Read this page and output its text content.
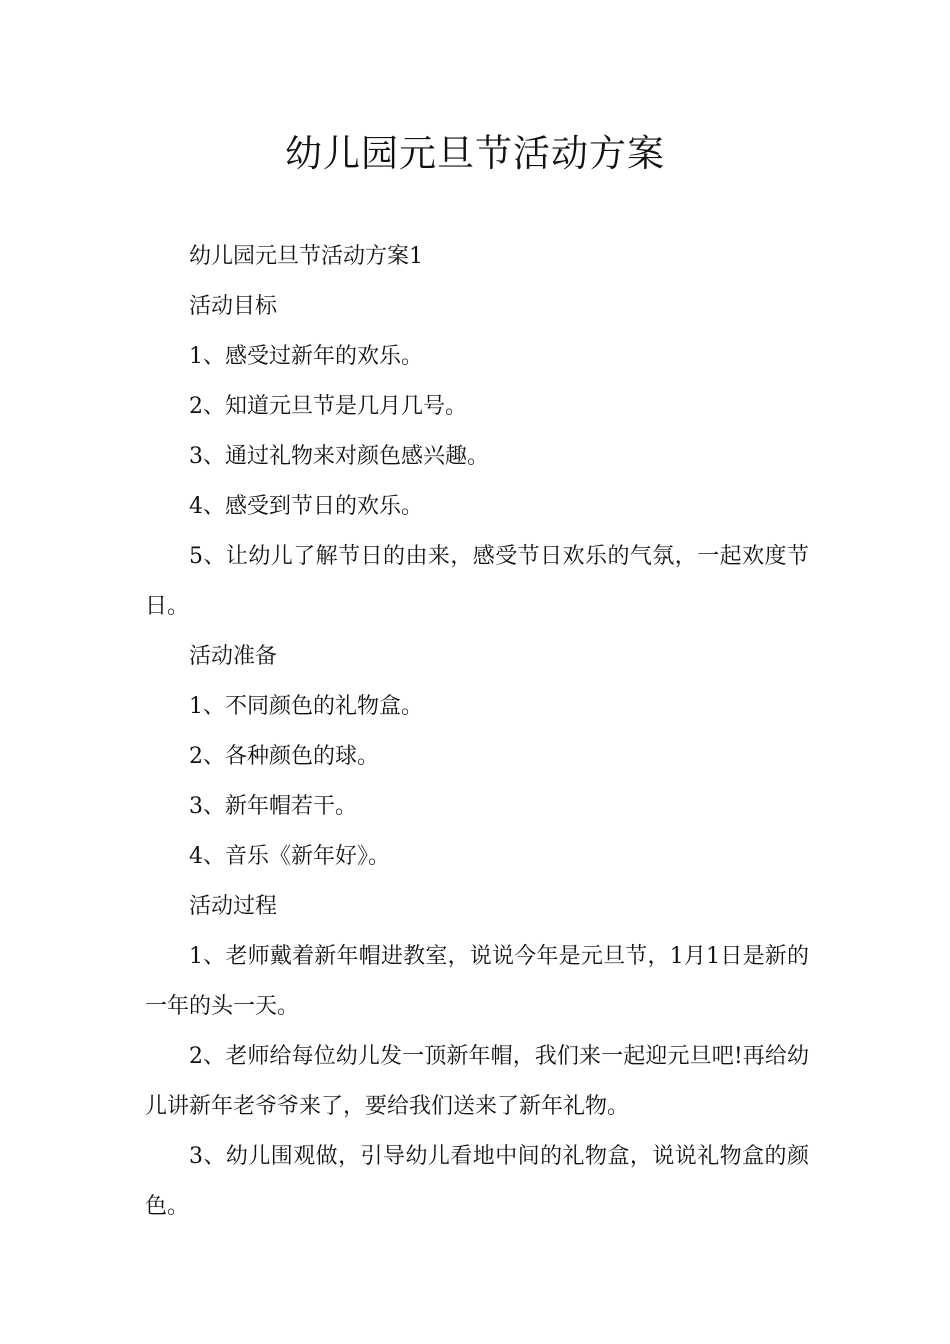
幼儿园元旦节活动方案

幼儿园元旦节活动方案1

活动目标

1、感受过新年的欢乐。

2、知道元旦节是几月几号。

3、通过礼物来对颜色感兴趣。

4、感受到节日的欢乐。

5、让幼儿了解节日的由来，感受节日欢乐的气氛，一起欢度节日。

活动准备

1、不同颜色的礼物盒。

2、各种颜色的球。

3、新年帽若干。

4、音乐《新年好》。

活动过程

1、老师戴着新年帽进教室，说说今年是元旦节，1月1日是新的一年的头一天。

2、老师给每位幼儿发一顶新年帽，我们来一起迎元旦吧!再给幼儿讲新年老爷爷来了，要给我们送来了新年礼物。

3、幼儿围观做，引导幼儿看地中间的礼物盒，说说礼物盒的颜色。
